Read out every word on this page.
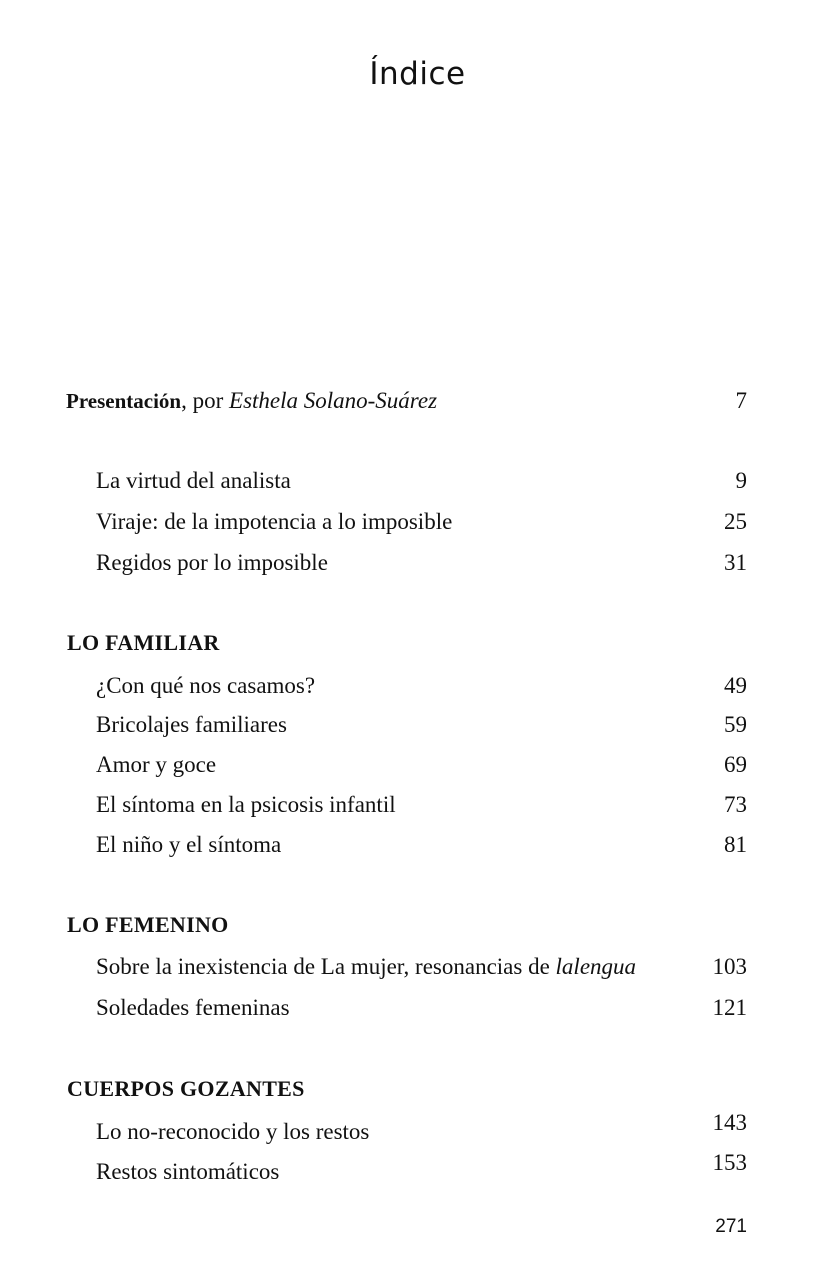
Índice
Presentación, por Esthela Solano-Suárez	7
La virtud del analista	9
Viraje: de la impotencia a lo imposible	25
Regidos por lo imposible	31
LO FAMILIAR
¿Con qué nos casamos?	49
Bricolajes familiares	59
Amor y goce	69
El síntoma en la psicosis infantil	73
El niño y el síntoma	81
LO FEMENINO
Sobre la inexistencia de La mujer, resonancias de lalengua	103
Soledades femeninas	121
CUERPOS GOZANTES
Lo no-reconocido y los restos	143
Restos sintomáticos	153
271
